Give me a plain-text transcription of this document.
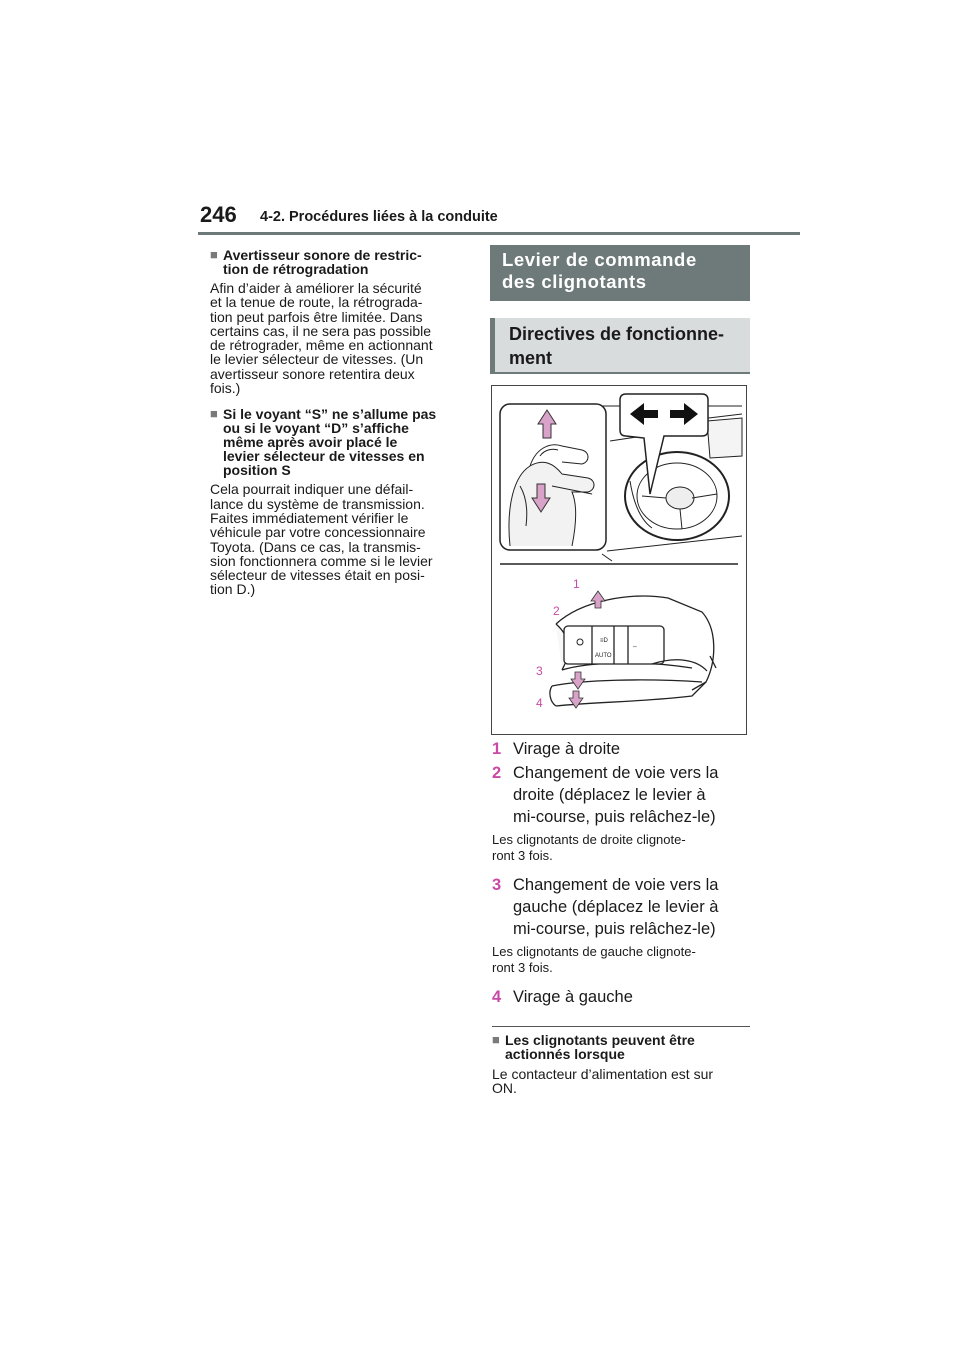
246 4-2. Procédures liées à la conduite
■ Avertisseur sonore de restric-
tion de rétrogradation
Afin d’aider à améliorer la sécurité
et la tenue de route, la rétrograda-
tion peut parfois être limitée. Dans
certains cas, il ne sera pas possible
de rétrograder, même en actionnant
le levier sélecteur de vitesses. (Un
avertisseur sonore retentira deux
fois.)
■ Si le voyant “S” ne s’allume pas
ou si le voyant “D” s’affiche
même après avoir placé le
levier sélecteur de vitesses en
position S
Cela pourrait indiquer une défail-
lance du système de transmission.
Faites immédiatement vérifier le
véhicule par votre concessionnaire
Toyota. (Dans ce cas, la transmis-
sion fonctionnera comme si le levier
sélecteur de vitesses était en posi-
tion D.)
Levier de commande
des clignotants
Directives de fonctionne-
ment
AUTO
≡D
⇔
1
2
3
4
1 Virage à droite
2 Changement de voie vers la
droite (déplacez le levier à
mi-course, puis relâchez-le)
Les clignotants de droite clignote-
ront 3 fois.
3 Changement de voie vers la
gauche (déplacez le levier à
mi-course, puis relâchez-le)
Les clignotants de gauche clignote-
ront 3 fois.
4 Virage à gauche
■ Les clignotants peuvent être
actionnés lorsque
Le contacteur d’alimentation est sur
ON.
